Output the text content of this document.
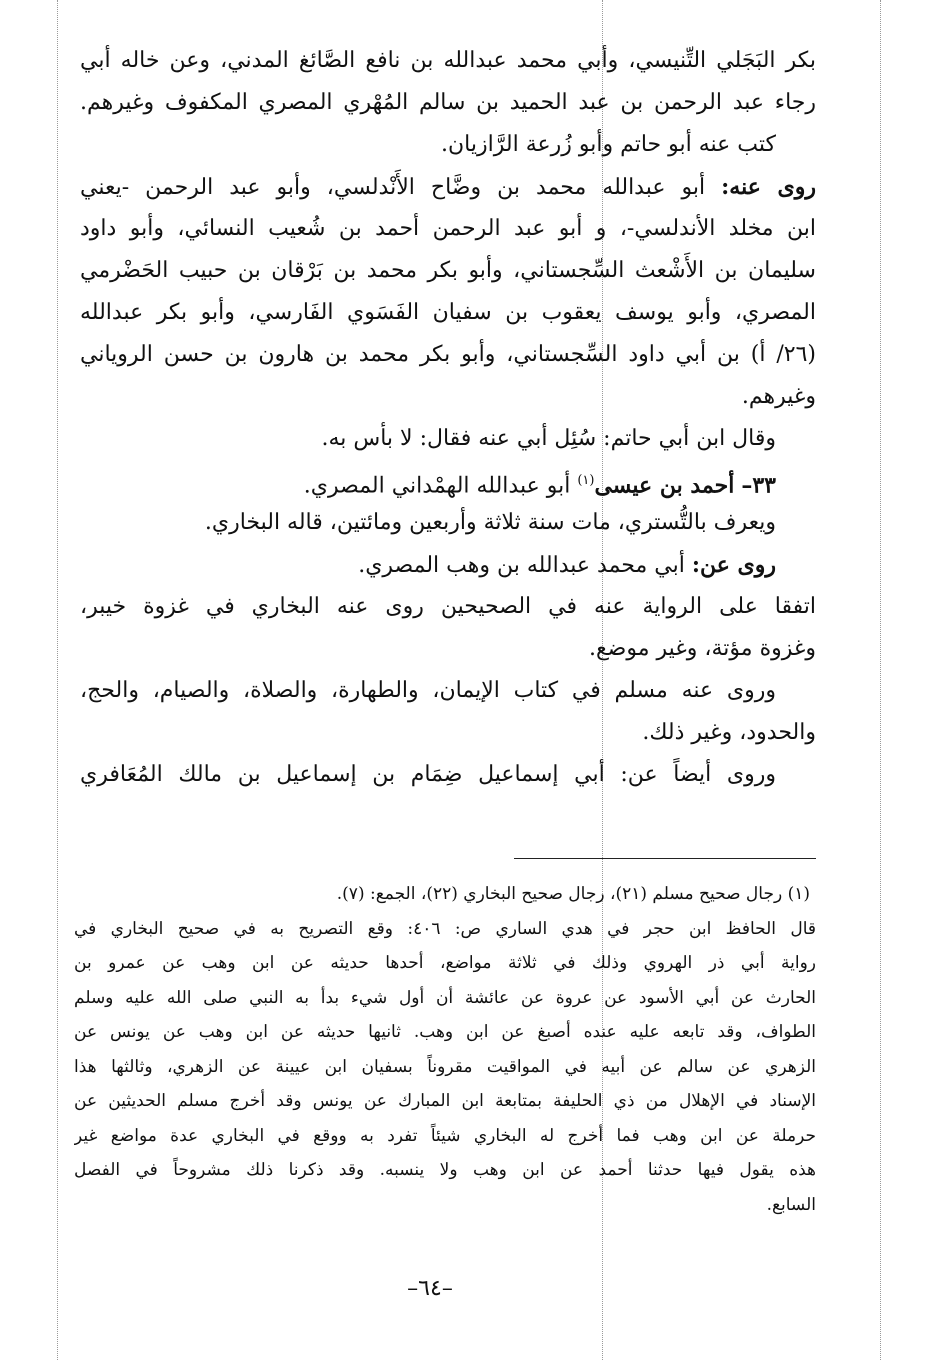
بكر البَجَلي التِّنيسي، وأبي محمد عبدالله بن نافع الصَّائغ المدني، وعن خاله أبي
رجاء عبد الرحمن بن عبد الحميد بن سالم المُهْري المصري المكفوف وغيرهم.
كتب عنه أبو حاتم وأبو زُرعة الرَّازيان.
روى عنه: أبو عبدالله محمد بن وضَّاح الأَنْدلسي، وأبو عبد الرحمن -يعني
ابن مخلد الأندلسي-، و أبو عبد الرحمن أحمد بن شُعيب النسائي، وأبو داود
سليمان بن الأَشْعث السِّجستاني، وأبو بكر محمد بن بَرْقان بن حبيب الحَضْرمي
المصري، وأبو يوسف يعقوب بن سفيان الفَسَوي الفَارسي، وأبو بكر عبدالله
(٢٦/ أ) بن أبي داود السِّجستاني، وأبو بكر محمد بن هارون بن حسن الروياني
وغيرهم.
وقال ابن أبي حاتم: سُئِل أبي عنه فقال: لا بأس به.
٣٣– أحمد بن عيسى$^{(١)}$ أبو عبدالله الهمْداني المصري.
ويعرف بالتُّستري، مات سنة ثلاثة وأربعين ومائتين، قاله البخاري.
روى عن: أبي محمد عبدالله بن وهب المصري.
اتفقا على الرواية عنه في الصحيحين روى عنه البخاري في غزوة خيبر،
وغزوة مؤتة، وغير موضع.
وروى عنه مسلم في كتاب الإيمان، والطهارة، والصلاة، والصيام، والحج،
والحدود، وغير ذلك.
وروى أيضاً عن: أبي إسماعيل ضِمَام بن إسماعيل بن مالك المُعَافري
(١) رجال صحيح مسلم (٢١)، رجال صحيح البخاري (٢٢)، الجمع: (٧).
قال الحافظ ابن حجر في هدي الساري ص: ٤٠٦: وقع التصريح به في صحيح البخاري في
رواية أبي ذر الهروي وذلك في ثلاثة مواضع، أحدها حديثه عن ابن وهب عن عمرو بن
الحارث عن أبي الأسود عن عروة عن عائشة أن أول شيء بدأ به النبي صلى الله عليه وسلم
الطواف، وقد تابعه عليه عنده أصبغ عن ابن وهب. ثانيها حديثه عن ابن وهب عن يونس عن
الزهري عن سالم عن أبيه في المواقيت مقروناً بسفيان ابن عيينة عن الزهري، وثالثها هذا
الإسناد في الإهلال من ذي الحليفة بمتابعة ابن المبارك عن يونس وقد أخرج مسلم الحديثين عن
حرملة عن ابن وهب فما أخرج له البخاري شيئاً تفرد به ووقع في البخاري عدة مواضع غير
هذه يقول فيها حدثنا أحمد عن ابن وهب ولا ينسبه. وقد ذكرنا ذلك مشروحاً في الفصل
السابع.
–٦٤–
